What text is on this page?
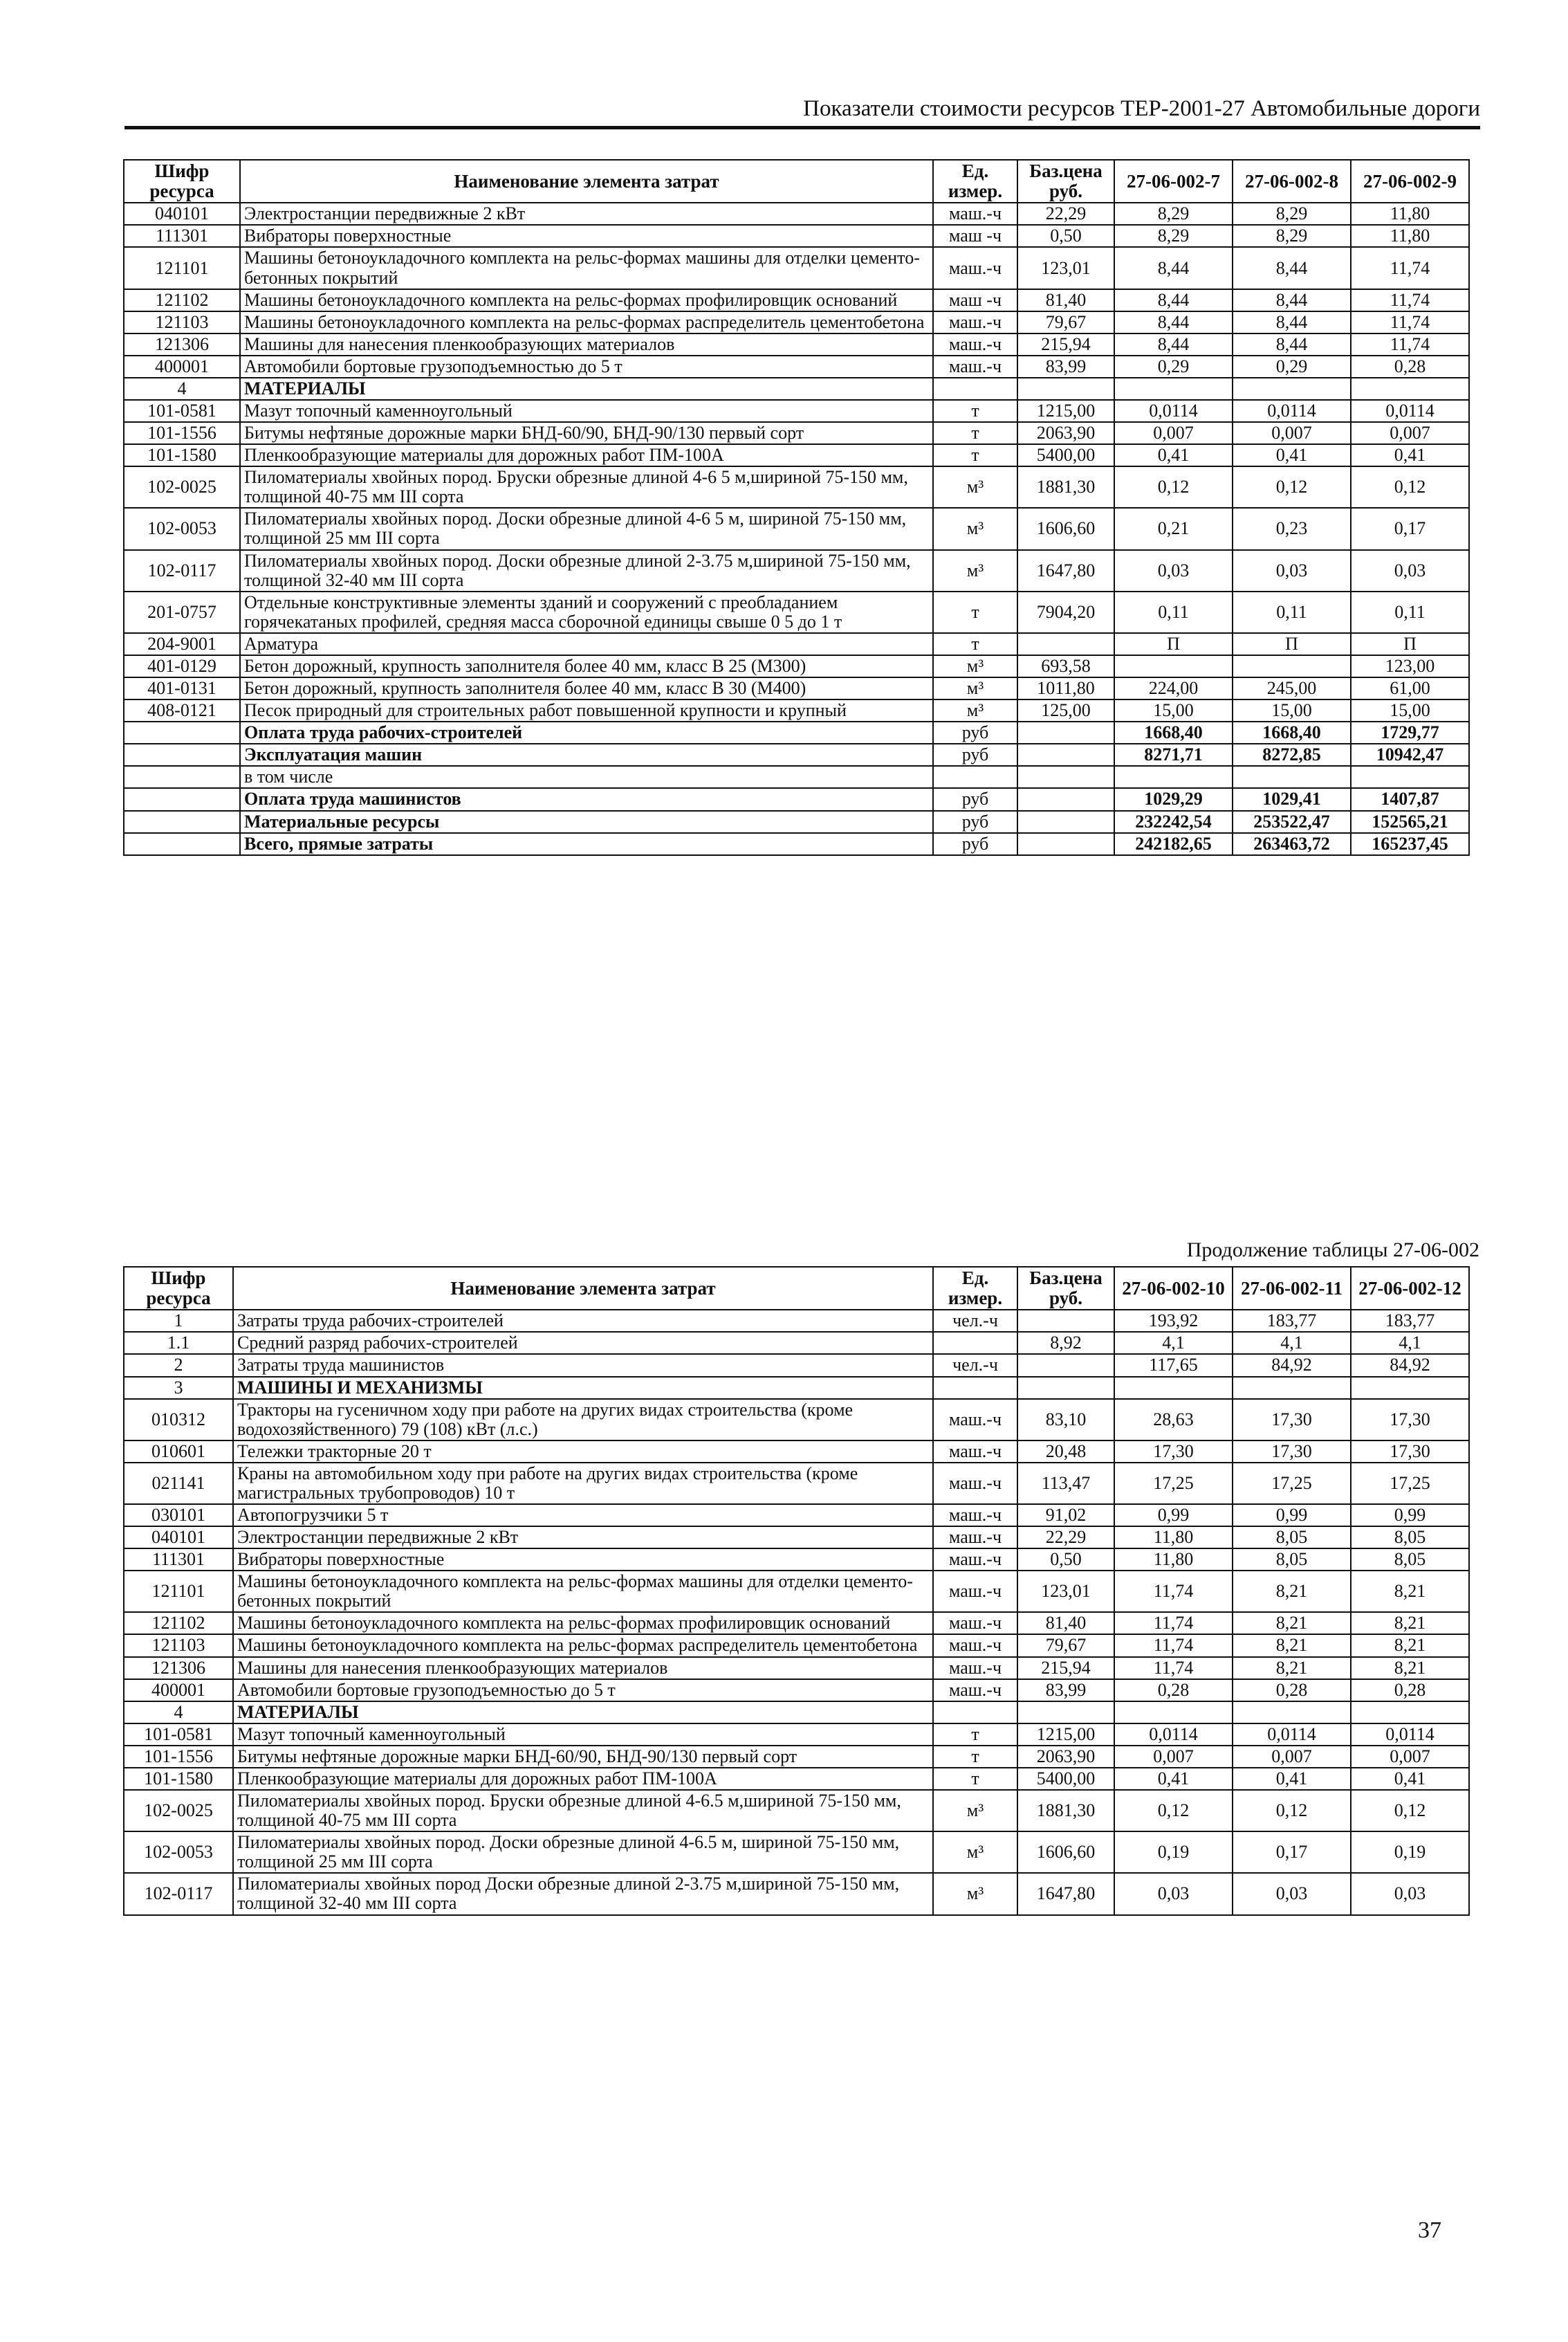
Показатели стоимости ресурсов ТЕР-2001-27 Автомобильные дороги
Шифр ресурса	Наименование элемента затрат	Ед. измер.	Баз.цена руб.	27-06-002-7	27-06-002-8	27-06-002-9
040101	Электростанции передвижные 2 кВт	маш.-ч	22,29	8,29	8,29	11,80
111301	Вибраторы поверхностные	маш -ч	0,50	8,29	8,29	11,80
121101	Машины бетоноукладочного комплекта на рельс-формах машины для отделки цементо-бетонных покрытий	маш.-ч	123,01	8,44	8,44	11,74
121102	Машины бетоноукладочного комплекта на рельс-формах профилировщик оснований	маш -ч	81,40	8,44	8,44	11,74
121103	Машины бетоноукладочного комплекта на рельс-формах распределитель цементобетона	маш.-ч	79,67	8,44	8,44	11,74
121306	Машины для нанесения пленкообразующих материалов	маш.-ч	215,94	8,44	8,44	11,74
400001	Автомобили бортовые грузоподъемностью до 5 т	маш.-ч	83,99	0,29	0,29	0,28
4	МАТЕРИАЛЫ					
101-0581	Мазут топочный каменноугольный	т	1215,00	0,0114	0,0114	0,0114
101-1556	Битумы нефтяные дорожные марки БНД-60/90, БНД-90/130 первый сорт	т	2063,90	0,007	0,007	0,007
101-1580	Пленкообразующие материалы для дорожных работ ПМ-100А	т	5400,00	0,41	0,41	0,41
102-0025	Пиломатериалы хвойных пород. Бруски обрезные длиной 4-6 5 м,шириной 75-150 мм, толщиной 40-75 мм III сорта	м³	1881,30	0,12	0,12	0,12
102-0053	Пиломатериалы хвойных пород. Доски обрезные длиной 4-6 5 м, шириной 75-150 мм, толщиной 25 мм III сорта	м³	1606,60	0,21	0,23	0,17
102-0117	Пиломатериалы хвойных пород. Доски обрезные длиной 2-3.75 м,шириной 75-150 мм, толщиной 32-40 мм III сорта	м³	1647,80	0,03	0,03	0,03
201-0757	Отдельные конструктивные элементы зданий и сооружений с преобладанием горячекатаных профилей, средняя масса сборочной единицы свыше 0 5 до 1 т	т	7904,20	0,11	0,11	0,11
204-9001	Арматура	т		П	П	П
401-0129	Бетон дорожный, крупность заполнителя более 40 мм, класс В 25 (М300)	м³	693,58			123,00
401-0131	Бетон дорожный, крупность заполнителя более 40 мм, класс В 30 (М400)	м³	1011,80	224,00	245,00	61,00
408-0121	Песок природный для строительных работ повышенной крупности и крупный	м³	125,00	15,00	15,00	15,00
	Оплата труда рабочих-строителей	руб		1668,40	1668,40	1729,77
	Эксплуатация машин	руб		8271,71	8272,85	10942,47
	в том числе					
	Оплата труда машинистов	руб		1029,29	1029,41	1407,87
	Материальные ресурсы	руб		232242,54	253522,47	152565,21
	Всего, прямые затраты	руб		242182,65	263463,72	165237,45
Продолжение таблицы 27-06-002
Шифр ресурса	Наименование элемента затрат	Ед. измер.	Баз.цена руб.	27-06-002-10	27-06-002-11	27-06-002-12
1	Затраты труда рабочих-строителей	чел.-ч		193,92	183,77	183,77
1.1	Средний разряд рабочих-строителей		8,92	4,1	4,1	4,1
2	Затраты труда машинистов	чел.-ч		117,65	84,92	84,92
3	МАШИНЫ И МЕХАНИЗМЫ					
010312	Тракторы на гусеничном ходу при работе на других видах строительства (кроме водохозяйственного) 79 (108) кВт (л.с.)	маш.-ч	83,10	28,63	17,30	17,30
010601	Тележки тракторные 20 т	маш.-ч	20,48	17,30	17,30	17,30
021141	Краны на автомобильном ходу при работе на других видах строительства (кроме магистральных трубопроводов) 10 т	маш.-ч	113,47	17,25	17,25	17,25
030101	Автопогрузчики 5 т	маш.-ч	91,02	0,99	0,99	0,99
040101	Электростанции передвижные 2 кВт	маш.-ч	22,29	11,80	8,05	8,05
111301	Вибраторы поверхностные	маш.-ч	0,50	11,80	8,05	8,05
121101	Машины бетоноукладочного комплекта на рельс-формах машины для отделки цементо-бетонных покрытий	маш.-ч	123,01	11,74	8,21	8,21
121102	Машины бетоноукладочного комплекта на рельс-формах профилировщик оснований	маш.-ч	81,40	11,74	8,21	8,21
121103	Машины бетоноукладочного комплекта на рельс-формах распределитель цементобетона	маш.-ч	79,67	11,74	8,21	8,21
121306	Машины для нанесения пленкообразующих материалов	маш.-ч	215,94	11,74	8,21	8,21
400001	Автомобили бортовые грузоподъемностью до 5 т	маш.-ч	83,99	0,28	0,28	0,28
4	МАТЕРИАЛЫ					
101-0581	Мазут топочный каменноугольный	т	1215,00	0,0114	0,0114	0,0114
101-1556	Битумы нефтяные дорожные марки БНД-60/90, БНД-90/130 первый сорт	т	2063,90	0,007	0,007	0,007
101-1580	Пленкообразующие материалы для дорожных работ ПМ-100А	т	5400,00	0,41	0,41	0,41
102-0025	Пиломатериалы хвойных пород. Бруски обрезные длиной 4-6.5 м,шириной 75-150 мм, толщиной 40-75 мм III сорта	м³	1881,30	0,12	0,12	0,12
102-0053	Пиломатериалы хвойных пород. Доски обрезные длиной 4-6.5 м, шириной 75-150 мм, толщиной 25 мм III сорта	м³	1606,60	0,19	0,17	0,19
102-0117	Пиломатериалы хвойных пород Доски обрезные длиной 2-3.75 м,шириной 75-150 мм, толщиной 32-40 мм III сорта	м³	1647,80	0,03	0,03	0,03
37
